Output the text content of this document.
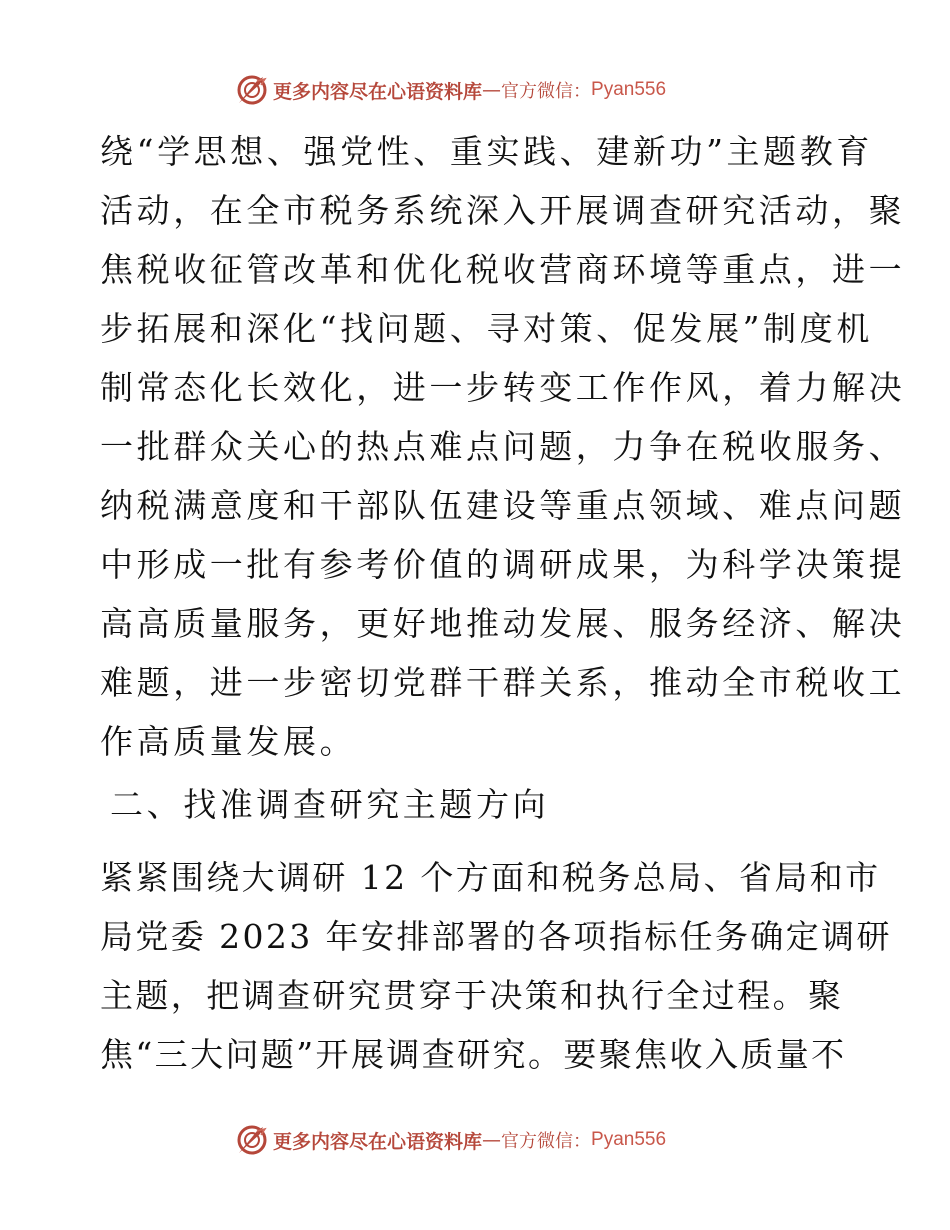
更多内容尽在心语资料库 — 官方微信： Pyan556
绕“学思想、强党性、重实践、建新功”主题教育
活动，在全市税务系统深入开展调查研究活动，聚
焦税收征管改革和优化税收营商环境等重点，进一
步拓展和深化“找问题、寻对策、促发展”制度机
制常态化长效化，进一步转变工作作风，着力解决
一批群众关心的热点难点问题，力争在税收服务、
纳税满意度和干部队伍建设等重点领域、难点问题
中形成一批有参考价值的调研成果，为科学决策提
高高质量服务，更好地推动发展、服务经济、解决
难题，进一步密切党群干群关系，推动全市税收工
作高质量发展。
二、找准调查研究主题方向
紧紧围绕大调研 12 个方面和税务总局、省局和市
局党委 2023 年安排部署的各项指标任务确定调研
主题，把调查研究贯穿于决策和执行全过程。聚
焦“三大问题”开展调查研究。要聚焦收入质量不
更多内容尽在心语资料库 — 官方微信： Pyan556
